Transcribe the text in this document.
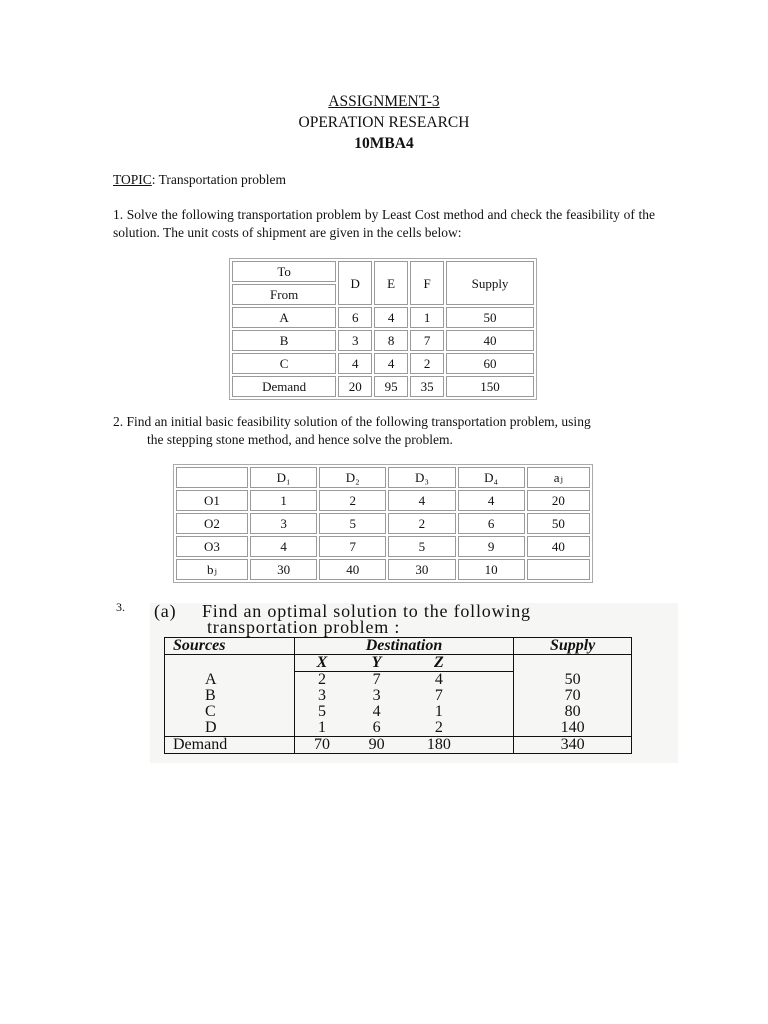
ASSIGNMENT-3
OPERATION RESEARCH
10MBA4
TOPIC: Transportation problem
1. Solve the following transportation problem by Least Cost method and check the feasibility of the solution. The unit costs of shipment are given in the cells below:
To	D	E	F	Supply
From				
A	6	4	1	50
B	3	8	7	40
C	4	4	2	60
Demand	20	95	35	150
2. Find an initial basic feasibility solution of the following transportation problem, using
the stepping stone method, and hence solve the problem.
	D₁	D₂	D₃	D₄	aⱼ
O1	1	2	4	4	20
O2	3	5	2	6	50
O3	4	7	5	9	40
bⱼ	30	40	30	10	
3. (a) Find an optimal solution to the following
transportation problem :
Sources	Destination				Supply
	X	Y	Z		
A	2	7	4		50
B	3	3	7		70
C	5	4	1		80
D	1	6	2		140
Demand	70	90	180		340
